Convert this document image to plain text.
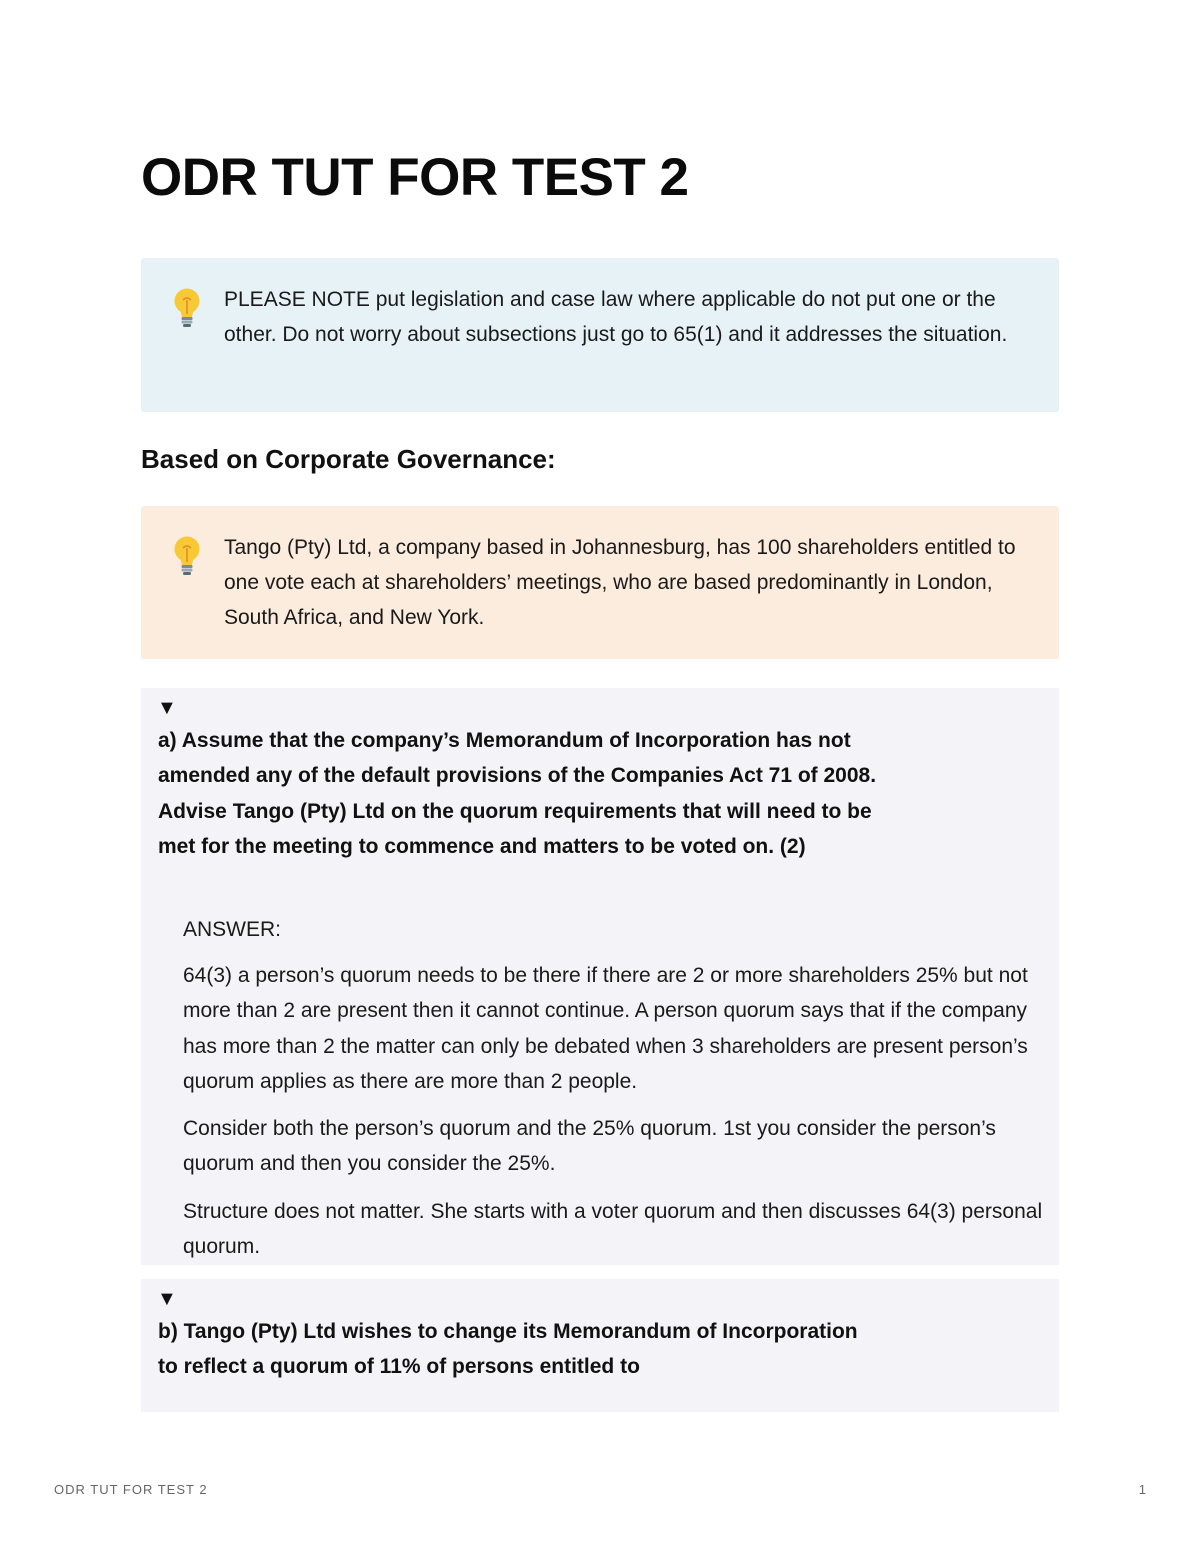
ODR TUT FOR TEST 2

PLEASE NOTE put legislation and case law where applicable do not put one or the other. Do not worry about subsections just go to 65(1) and it addresses the situation.

Based on Corporate Governance:

Tango (Pty) Ltd, a company based in Johannesburg, has 100 shareholders entitled to one vote each at shareholders’ meetings, who are based predominantly in London, South Africa, and New York.

▼

a) Assume that the company’s Memorandum of Incorporation has not amended any of the default provisions of the Companies Act 71 of 2008. Advise Tango (Pty) Ltd on the quorum requirements that will need to be met for the meeting to commence and matters to be voted on. (2)

ANSWER:

64(3) a person’s quorum needs to be there if there are 2 or more shareholders 25% but not more than 2 are present then it cannot continue. A person quorum says that if the company has more than 2 the matter can only be debated when 3 shareholders are present person’s quorum applies as there are more than 2 people.

Consider both the person’s quorum and the 25% quorum. 1st you consider the person’s quorum and then you consider the 25%.

Structure does not matter. She starts with a voter quorum and then discusses 64(3) personal quorum.

▼

b) Tango (Pty) Ltd wishes to change its Memorandum of Incorporation to reflect a quorum of 11% of persons entitled to

ODR TUT FOR TEST 2	1
